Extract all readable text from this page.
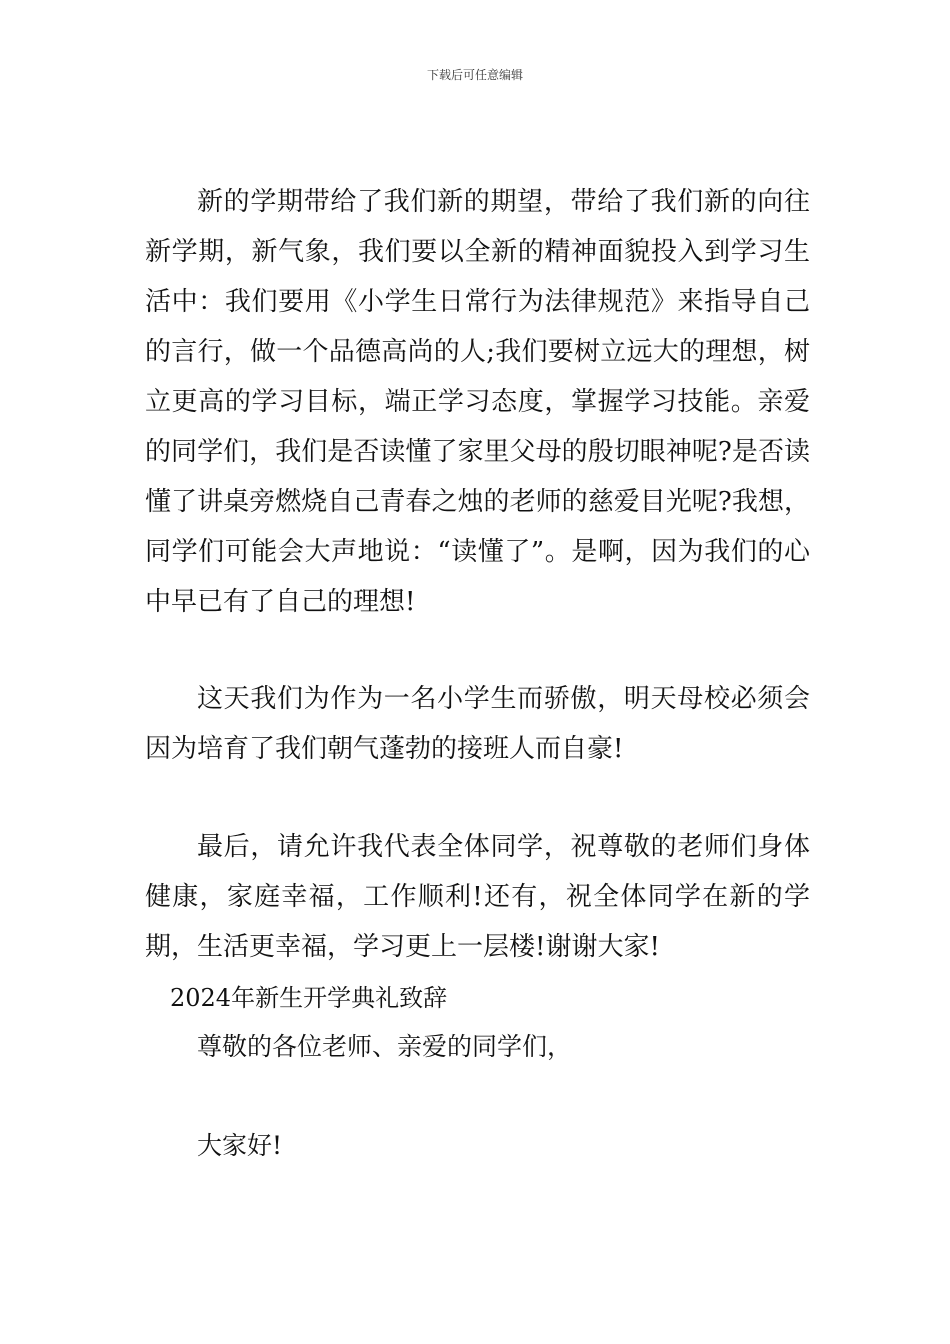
下载后可任意编辑

新的学期带给了我们新的期望，带给了我们新的向往新学期，新气象，我们要以全新的精神面貌投入到学习生活中：我们要用《小学生日常行为法律规范》来指导自己的言行，做一个品德高尚的人;我们要树立远大的理想，树立更高的学习目标，端正学习态度，掌握学习技能。亲爱的同学们，我们是否读懂了家里父母的殷切眼神呢?是否读懂了讲桌旁燃烧自己青春之烛的老师的慈爱目光呢?我想，同学们可能会大声地说：“读懂了”。是啊，因为我们的心中早已有了自己的理想!

这天我们为作为一名小学生而骄傲，明天母校必须会因为培育了我们朝气蓬勃的接班人而自豪!

最后，请允许我代表全体同学，祝尊敬的老师们身体健康，家庭幸福，工作顺利!还有，祝全体同学在新的学期，生活更幸福，学习更上一层楼!谢谢大家!

2024年新生开学典礼致辞
尊敬的各位老师、亲爱的同学们，
大家好!
